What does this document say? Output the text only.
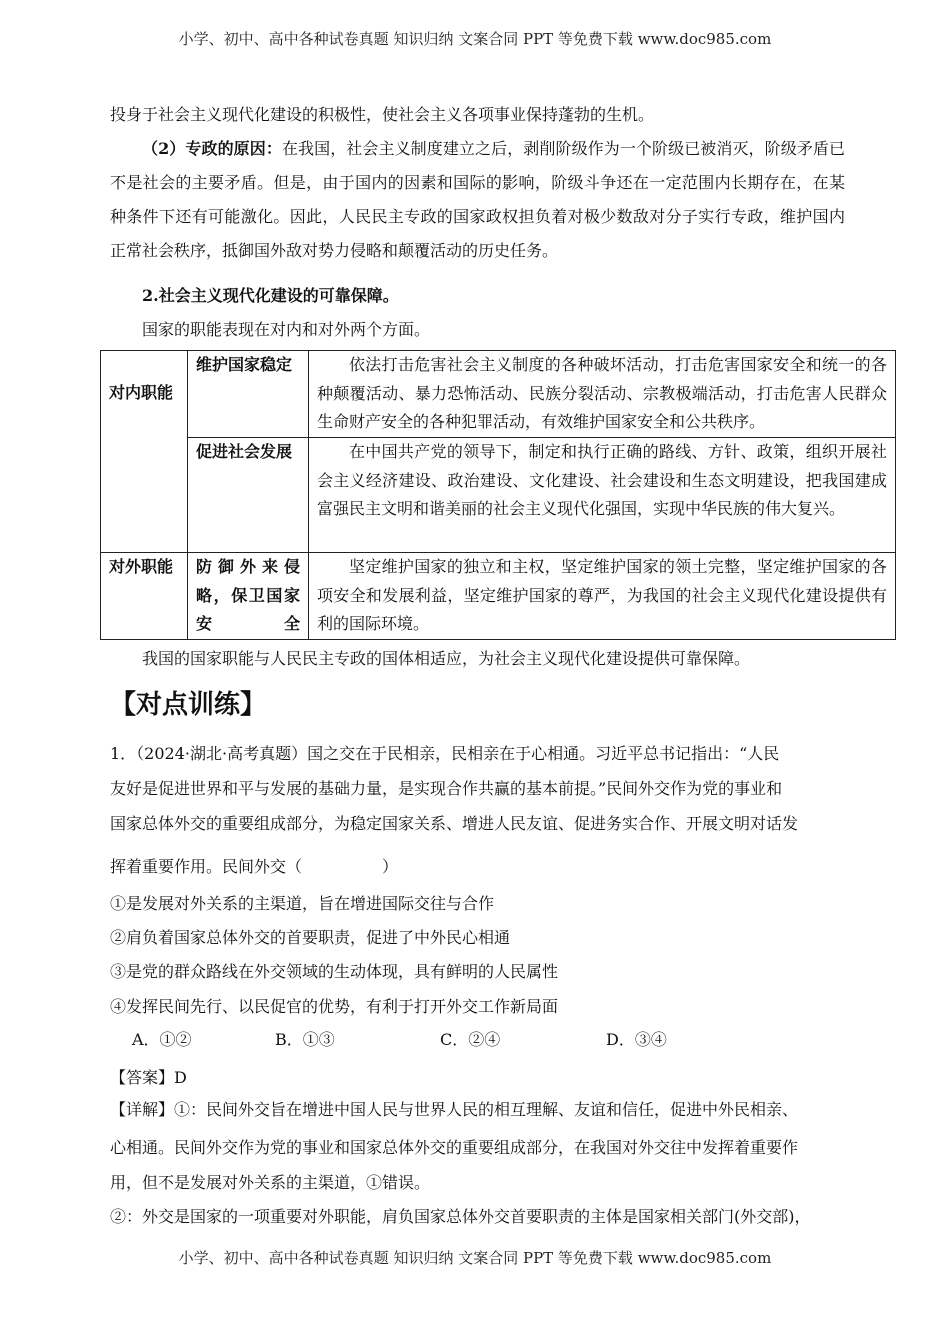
小学、初中、高中各种试卷真题 知识归纳 文案合同 PPT 等免费下载 www.doc985.com
投身于社会主义现代化建设的积极性，使社会主义各项事业保持蓬勃的生机。
（2）专政的原因：在我国，社会主义制度建立之后，剥削阶级作为一个阶级已被消灭，阶级矛盾已不是社会的主要矛盾。但是，由于国内的因素和国际的影响，阶级斗争还在一定范围内长期存在，在某种条件下还有可能激化。因此，人民民主专政的国家政权担负着对极少数敌对分子实行专政，维护国内正常社会秩序，抵御国外敌对势力侵略和颠覆活动的历史任务。
2.社会主义现代化建设的可靠保障。
国家的职能表现在对内和对外两个方面。
对内职能	维护国家稳定	依法打击危害社会主义制度的各种破坏活动，打击危害国家安全和统一的各种颠覆活动、暴力恐怖活动、民族分裂活动、宗教极端活动，打击危害人民群众生命财产安全的各种犯罪活动，有效维护国家安全和公共秩序。
	促进社会发展	在中国共产党的领导下，制定和执行正确的路线、方针、政策，组织开展社会主义经济建设、政治建设、文化建设、社会建设和生态文明建设，把我国建成富强民主文明和谐美丽的社会主义现代化强国，实现中华民族的伟大复兴。
对外职能	防御外来侵略，保卫国家安全	坚定维护国家的独立和主权，坚定维护国家的领土完整，坚定维护国家的各项安全和发展利益，坚定维护国家的尊严，为我国的社会主义现代化建设提供有利的国际环境。
我国的国家职能与人民民主专政的国体相适应，为社会主义现代化建设提供可靠保障。
【对点训练】
1．（2024·湖北·高考真题）国之交在于民相亲，民相亲在于心相通。习近平总书记指出：“人民
友好是促进世界和平与发展的基础力量，是实现合作共赢的基本前提。”民间外交作为党的事业和
国家总体外交的重要组成部分，为稳定国家关系、增进人民友谊、促进务实合作、开展文明对话发
挥着重要作用。民间外交（　　　　　）
①是发展对外关系的主渠道，旨在增进国际交往与合作
②肩负着国家总体外交的首要职责，促进了中外民心相通
③是党的群众路线在外交领域的生动体现，具有鲜明的人民属性
④发挥民间先行、以民促官的优势，有利于打开外交工作新局面
A．①②	B．①③	C．②④	D．③④
【答案】D
【详解】①：民间外交旨在增进中国人民与世界人民的相互理解、友谊和信任，促进中外民相亲、
心相通。民间外交作为党的事业和国家总体外交的重要组成部分，在我国对外交往中发挥着重要作
用，但不是发展对外关系的主渠道，①错误。
②：外交是国家的一项重要对外职能，肩负国家总体外交首要职责的主体是国家相关部门(外交部)，
小学、初中、高中各种试卷真题 知识归纳 文案合同 PPT 等免费下载 www.doc985.com
